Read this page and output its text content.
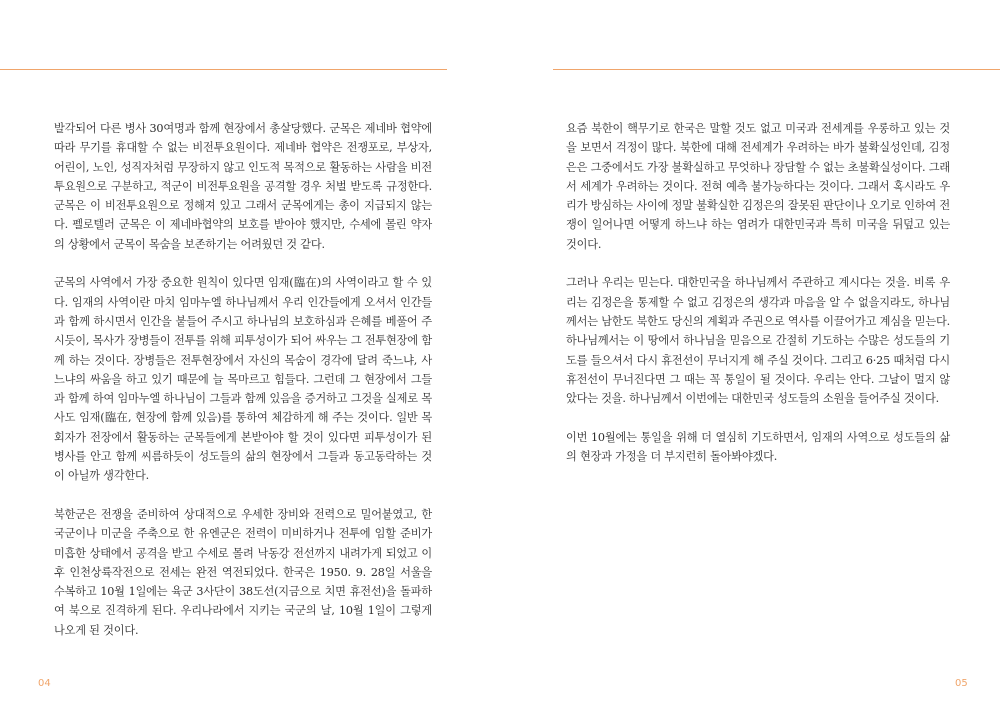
발각되어 다른 병사 30여명과 함께 현장에서 총살당했다. 군목은 제네바 협약에 따라 무기를 휴대할 수 없는 비전투요원이다. 제네바 협약은 전쟁포로, 부상자, 어린이, 노인, 성직자처럼 무장하지 않고 인도적 목적으로 활동하는 사람을 비전투요원으로 구분하고, 적군이 비전투요원을 공격할 경우 처벌 받도록 규정한다. 군목은 이 비전투요원으로 정해져 있고 그래서 군목에게는 총이 지급되지 않는다. 펠로텔러 군목은 이 제네바협약의 보호를 받아야 했지만, 수세에 몰린 약자의 상황에서 군목이 목숨을 보존하기는 어려웠던 것 같다.

군목의 사역에서 가장 중요한 원칙이 있다면 임재(臨在)의 사역이라고 할 수 있다. 임재의 사역이란 마치 임마누엘 하나님께서 우리 인간들에게 오셔서 인간들과 함께 하시면서 인간을 붙들어 주시고 하나님의 보호하심과 은혜를 베풀어 주시듯이, 목사가 장병들이 전투를 위해 피투성이가 되어 싸우는 그 전투현장에 함께 하는 것이다. 장병들은 전투현장에서 자신의 목숨이 경각에 달려 죽느냐, 사느냐의 싸움을 하고 있기 때문에 늘 목마르고 힘들다. 그런데 그 현장에서 그들과 함께 하여 임마누엘 하나님이 그들과 함께 있음을 증거하고 그것을 실제로 목사도 임재(臨在, 현장에 함께 있음)를 통하여 체감하게 해 주는 것이다. 일반 목회자가 전장에서 활동하는 군목들에게 본받아야 할 것이 있다면 피투성이가 된 병사를 안고 함께 씨름하듯이 성도들의 삶의 현장에서 그들과 동고동락하는 것이 아닐까 생각한다.

북한군은 전쟁을 준비하여 상대적으로 우세한 장비와 전력으로 밀어붙였고, 한국군이나 미군을 주축으로 한 유엔군은 전력이 미비하거나 전투에 임할 준비가 미흡한 상태에서 공격을 받고 수세로 몰려 낙동강 전선까지 내려가게 되었고 이후 인천상륙작전으로 전세는 완전 역전되었다. 한국은 1950. 9. 28일 서울을 수복하고 10월 1일에는 육군 3사단이 38도선(지금으로 치면 휴전선)을 돌파하여 북으로 진격하게 된다. 우리나라에서 지키는 국군의 날, 10월 1일이 그렇게 나오게 된 것이다.

04

요즘 북한이 핵무기로 한국은 말할 것도 없고 미국과 전세계를 우롱하고 있는 것을 보면서 걱정이 많다. 북한에 대해 전세계가 우려하는 바가 불확실성인데, 김정은은 그중에서도 가장 불확실하고 무엇하나 장담할 수 없는 초불확실성이다. 그래서 세계가 우려하는 것이다. 전혀 예측 불가능하다는 것이다. 그래서 혹시라도 우리가 방심하는 사이에 정말 불확실한 김정은의 잘못된 판단이나 오기로 인하여 전쟁이 일어나면 어떻게 하느냐 하는 염려가 대한민국과 특히 미국을 뒤덮고 있는 것이다.

그러나 우리는 믿는다. 대한민국을 하나님께서 주관하고 계시다는 것을. 비록 우리는 김정은을 통제할 수 없고 김정은의 생각과 마음을 알 수 없을지라도, 하나님께서는 남한도 북한도 당신의 계획과 주권으로 역사를 이끌어가고 계심을 믿는다. 하나님께서는 이 땅에서 하나님을 믿음으로 간절히 기도하는 수많은 성도들의 기도를 들으셔서 다시 휴전선이 무너지게 해 주실 것이다. 그리고 6·25 때처럼 다시 휴전선이 무너진다면 그 때는 꼭 통일이 될 것이다. 우리는 안다. 그날이 멀지 않았다는 것을. 하나님께서 이번에는 대한민국 성도들의 소원을 들어주실 것이다.

이번 10월에는 통일을 위해 더 열심히 기도하면서, 임재의 사역으로 성도들의 삶의 현장과 가정을 더 부지런히 돌아봐야겠다.

05
